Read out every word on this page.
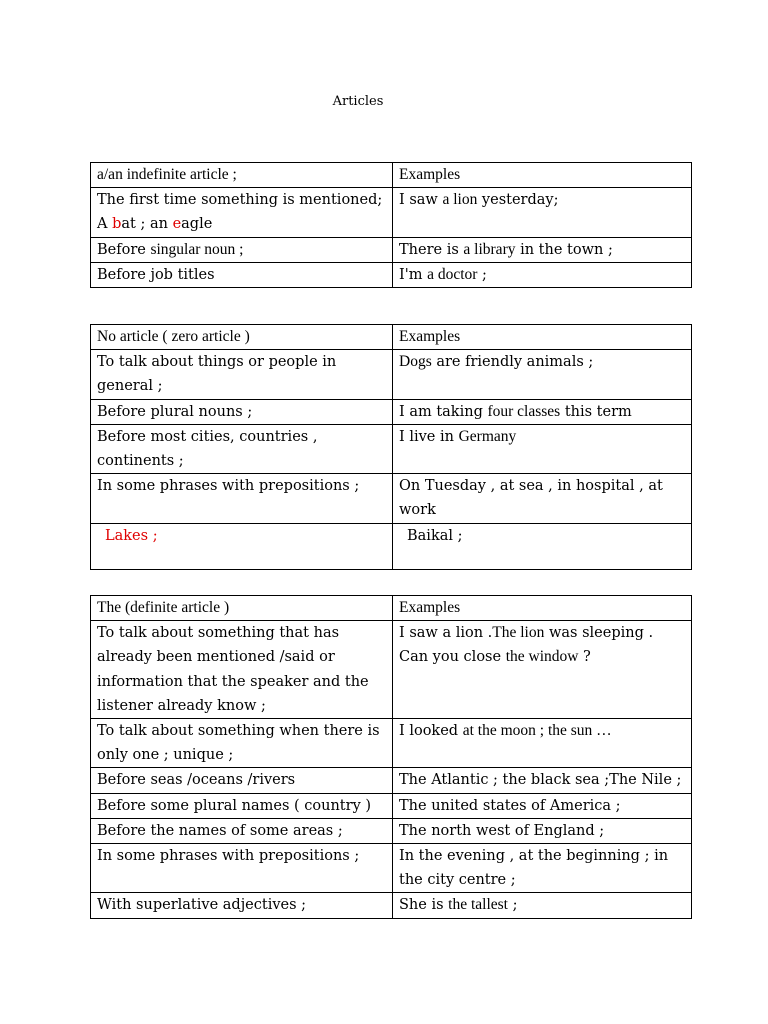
Articles
a/an indefinite article ;	Examples
The first time something is mentioned;
A bat ; an eagle	I saw a lion yesterday;
Before singular noun ;	There is a library in the town ;
Before job titles	I'm a doctor ;
No article ( zero article )	Examples
To talk about things or people in general ;	Dogs are friendly animals ;
Before plural nouns ;	I am taking four classes this term
Before most cities, countries , continents ;	I live in Germany
In some phrases with prepositions ;	On Tuesday , at sea , in hospital , at work
Lakes ;	Baikal ;
The (definite article )	Examples
To talk about something that has already been mentioned /said or information that the speaker and the listener already know ;	I saw a lion .The lion was sleeping .
Can you close the window ?
To talk about something when there is only one ; unique ;	I looked at the moon ; the sun …
Before seas /oceans /rivers	The Atlantic ; the black sea ;The Nile ;
Before some plural names ( country )	The united states of America ;
Before the names of some areas ;	The north west of England ;
In some phrases with prepositions ;	In the evening , at the beginning ; in the city centre ;
With superlative adjectives ;	She is the tallest ;
